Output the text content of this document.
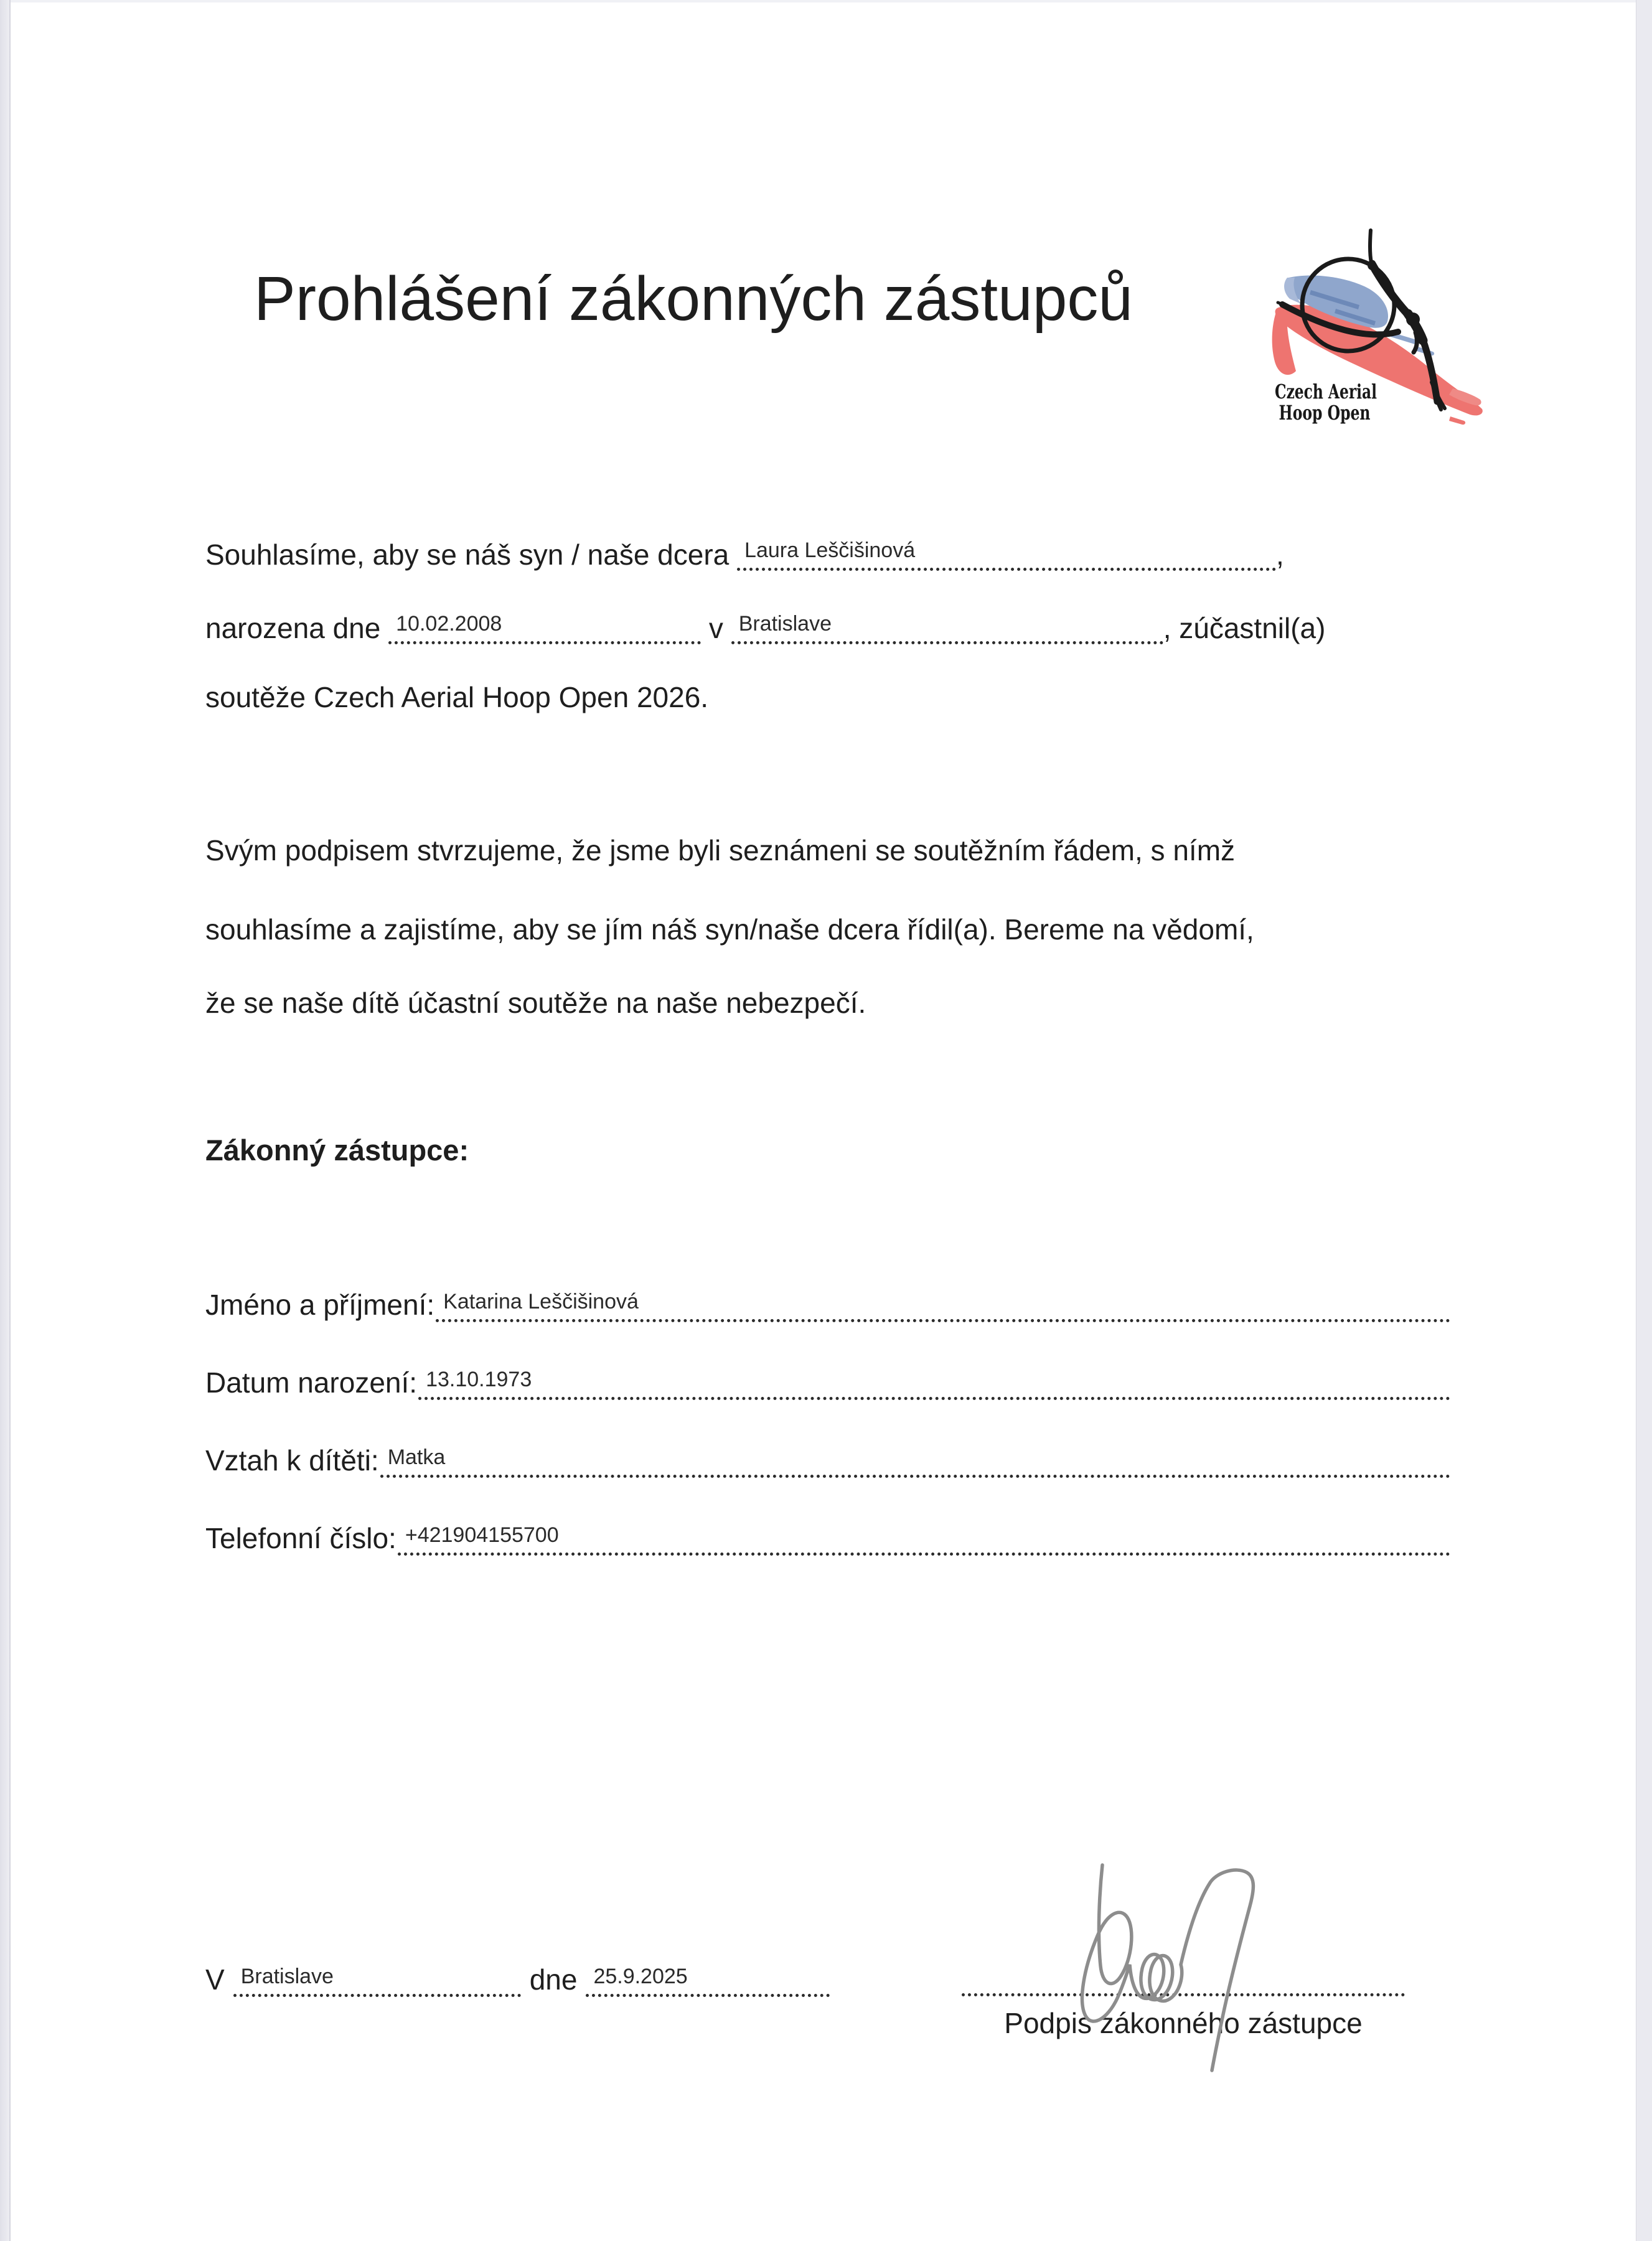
Prohlášení zákonných zástupců
Czech Aerial
Hoop Open
Souhlasíme, aby se náš syn / naše dcera Laura Leščišinová	,
narozena dne 10.02.2008	v Bratislave	, zúčastnil(a)
soutěže Czech Aerial Hoop Open 2026.
Svým podpisem stvrzujeme, že jsme byli seznámeni se soutěžním řádem, s nímž
souhlasíme a zajistíme, aby se jím náš syn/naše dcera řídil(a). Bereme na vědomí,
že se naše dítě účastní soutěže na naše nebezpečí.
Zákonný zástupce:
Jméno a příjmení: Katarina Leščišinová
Datum narození: 13.10.1973
Vztah k dítěti: Matka
Telefonní číslo: +421904155700
V Bratislave	dne 25.9.2025
Podpis zákonného zástupce
